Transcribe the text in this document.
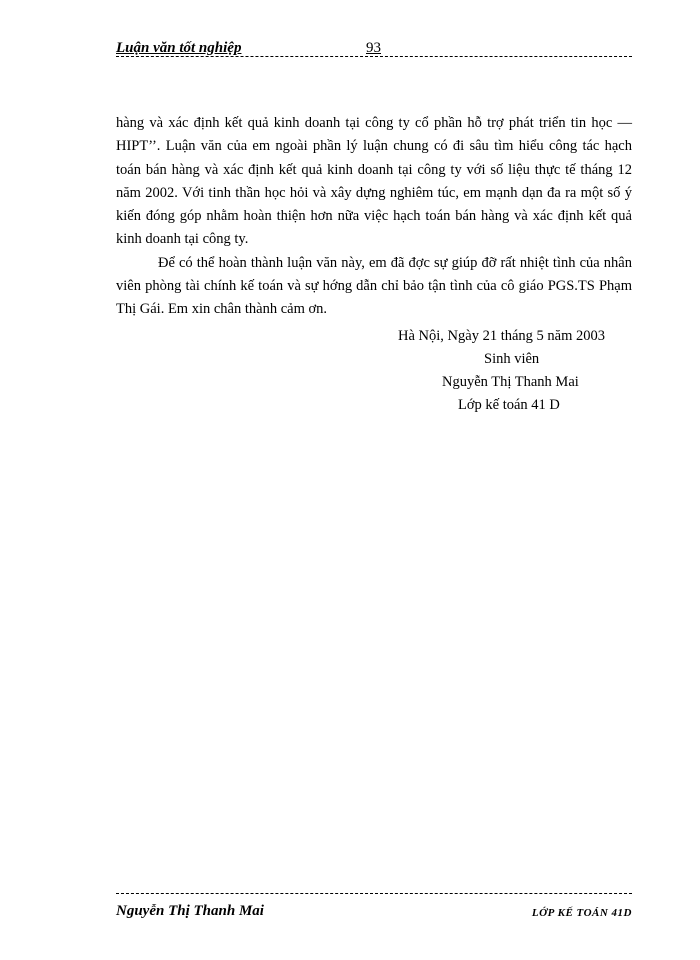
Luận văn tốt nghiệp	93

hàng và xác định kết quả kinh doanh tại công ty cổ phần hỗ trợ phát triển tin học — HIPT’’. Luận văn của em ngoài phần lý luận chung có đi sâu tìm hiểu công tác hạch toán bán hàng và xác định kết quả kinh doanh tại công ty với số liệu thực tế tháng 12 năm 2002. Với tinh thần học hỏi và xây dựng nghiêm túc, em mạnh dạn đa ra một số ý kiến đóng góp nhằm hoàn thiện hơn nữa việc hạch toán bán hàng và xác định kết quả kinh doanh tại công ty.

Để có thể hoàn thành luận văn này, em đã đợc sự giúp đỡ rất nhiệt tình của nhân viên phòng tài chính kế toán và sự hớng dẫn chỉ bảo tận tình của cô giáo PGS.TS Phạm Thị Gái. Em xin chân thành cảm ơn.

Hà Nội, Ngày 21 tháng 5 năm 2003
Sinh viên
Nguyễn Thị Thanh Mai
Lớp kế toán 41 D
Nguyễn Thị Thanh Mai	LỚP KẾ TOÁN 41D
